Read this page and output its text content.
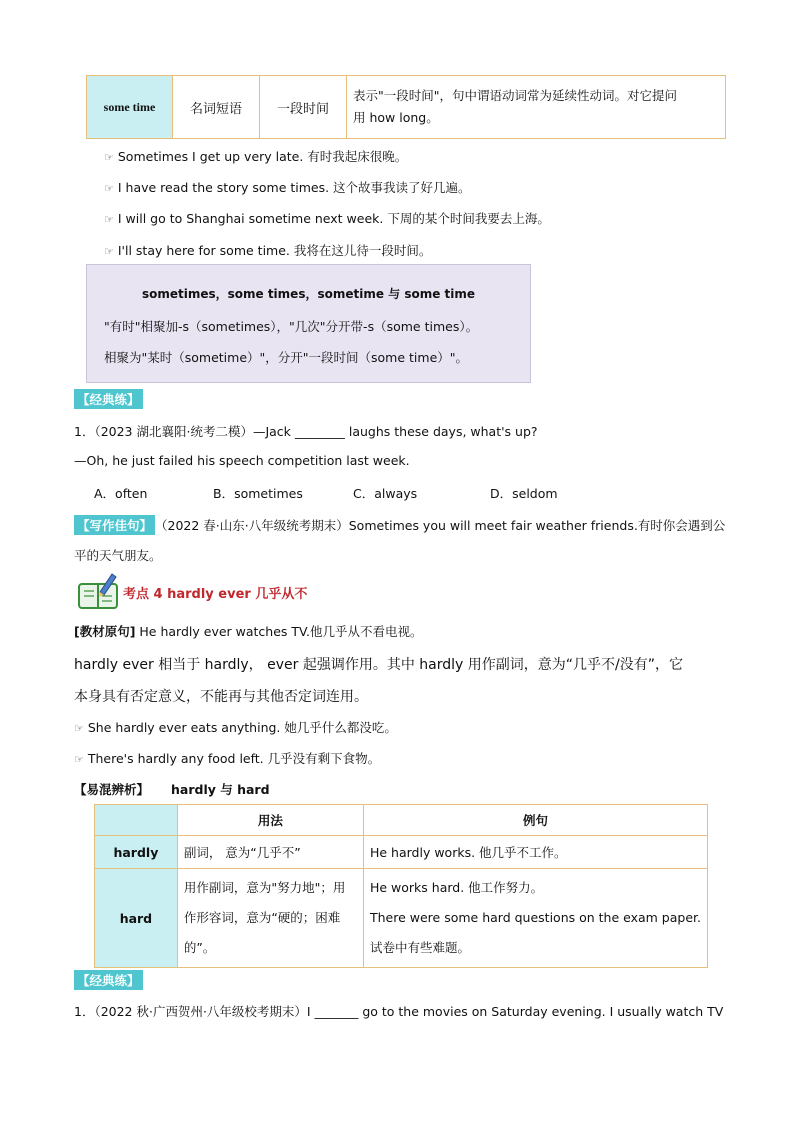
some time	名词短语	一段时间	
表示"一段时间"，句中谓语动词常为延续性动词。对它提问
用 how long。
☞ Sometimes I get up very late. 有时我起床很晚。
☞ I have read the story some times. 这个故事我读了好几遍。
☞ I will go to Shanghai sometime next week. 下周的某个时间我要去上海。
☞ I'll stay here for some time. 我将在这儿待一段时间。
sometimes，some times，sometime 与 some time
"有时"相聚加-s（sometimes），"几次"分开带-s（some times）。
相聚为"某时（sometime）"，分开"一段时间（some time）"。
【经典练】
1．（2023 湖北襄阳·统考二模）—Jack ________ laughs these days, what's up?
—Oh, he just failed his speech competition last week.
A．often	B．sometimes	C．always	D．seldom
【写作佳句】 （2022 春·山东·八年级统考期末）Sometimes you will meet fair weather friends.有时你会遇到公
平的天气朋友。
考点 4 hardly ever 几乎从不
[教材原句] He hardly ever watches TV.他几乎从不看电视。
hardly ever 相当于 hardly， ever 起强调作用。其中 hardly 用作副词，意为“几乎不/没有”，它
本身具有否定意义，不能再与其他否定词连用。
☞ She hardly ever eats anything. 她几乎什么都没吃。
☞ There's hardly any food left. 几乎没有剩下食物。
【易混辨析】 hardly 与 hard
	用法	例句
hardly	副词， 意为“几乎不”	He hardly works. 他几乎不工作。
hard	用作副词，意为"努力地"；用作形容词，意为“硬的；困难的”。	He works hard. 他工作努力。
There were some hard questions on the exam paper.
试卷中有些难题。
【经典练】
1．（2022 秋·广西贺州·八年级校考期末）I _______ go to the movies on Saturday evening. I usually watch TV
